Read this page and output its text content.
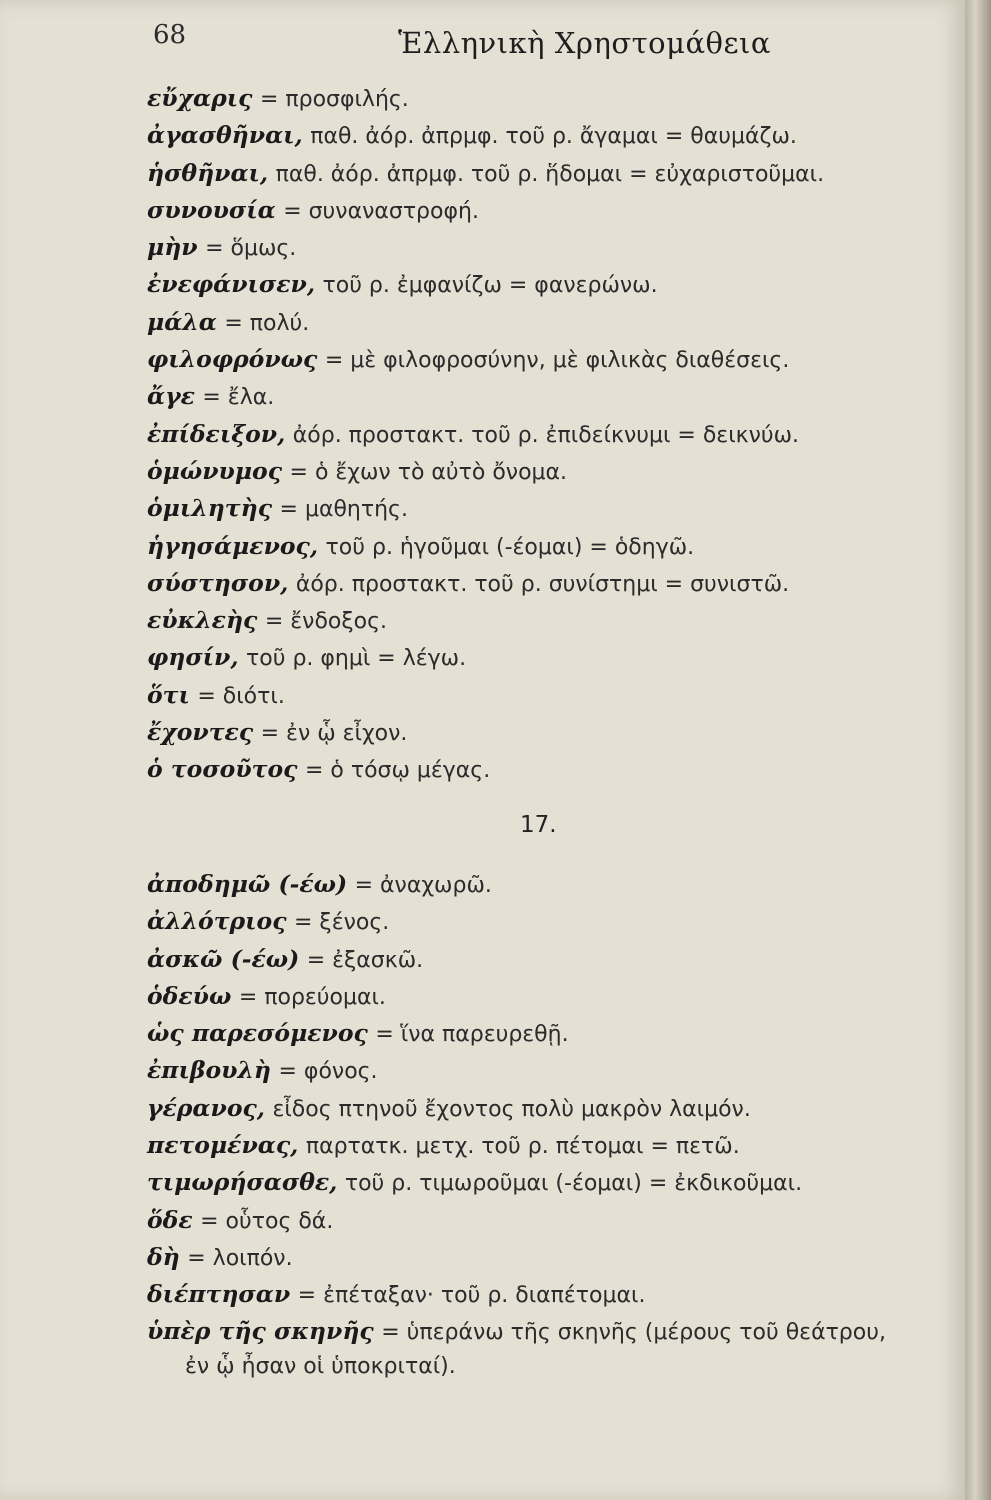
68	Ἑλληνικὴ Χρηστομάθεια
εὔχαρις = προσφιλής.
ἀγασθῆναι, παθ. ἀόρ. ἀπρμφ. τοῦ ρ. ἄγαμαι = θαυμάζω.
ἡσθῆναι, παθ. ἀόρ. ἀπρμφ. τοῦ ρ. ἥδομαι = εὐχαριστοῦμαι.
συνουσία = συναναστροφή.
μὴν = ὅμως.
ἐνεφάνισεν, τοῦ ρ. ἐμφανίζω = φανερώνω.
μάλα = πολύ.
φιλοφρόνως = μὲ φιλοφροσύνην, μὲ φιλικὰς διαθέσεις.
ἄγε = ἔλα.
ἐπίδειξον, ἀόρ. προστακτ. τοῦ ρ. ἐπιδείκνυμι = δεικνύω.
ὁμώνυμος = ὁ ἔχων τὸ αὐτὸ ὄνομα.
ὁμιλητὴς = μαθητής.
ἡγησάμενος, τοῦ ρ. ἡγοῦμαι (-έομαι) = ὁδηγῶ.
σύστησον, ἀόρ. προστακτ. τοῦ ρ. συνίστημι = συνιστῶ.
εὐκλεὴς = ἔνδοξος.
φησίν, τοῦ ρ. φημὶ = λέγω.
ὅτι = διότι.
ἔχοντες = ἐν ᾧ εἶχον.
ὁ τοσοῦτος = ὁ τόσῳ μέγας.
17.
ἀποδημῶ (-έω) = ἀναχωρῶ.
ἀλλότριος = ξένος.
ἀσκῶ (-έω) = ἐξασκῶ.
ὁδεύω = πορεύομαι.
ὡς παρεσόμενος = ἵνα παρευρεθῇ.
ἐπιβουλὴ = φόνος.
γέρανος, εἶδος πτηνοῦ ἔχοντος πολὺ μακρὸν λαιμόν.
πετομένας, παρτατκ. μετχ. τοῦ ρ. πέτομαι = πετῶ.
τιμωρήσασθε, τοῦ ρ. τιμωροῦμαι (-έομαι) = ἐκδικοῦμαι.
ὅδε = οὗτος δά.
δὴ = λοιπόν.
διέπτησαν = ἐπέταξαν· τοῦ ρ. διαπέτομαι.
ὑπὲρ τῆς σκηνῆς = ὑπεράνω τῆς σκηνῆς (μέρους τοῦ θεάτρου,
ἐν ᾧ ἦσαν οἱ ὑποκριταί).
